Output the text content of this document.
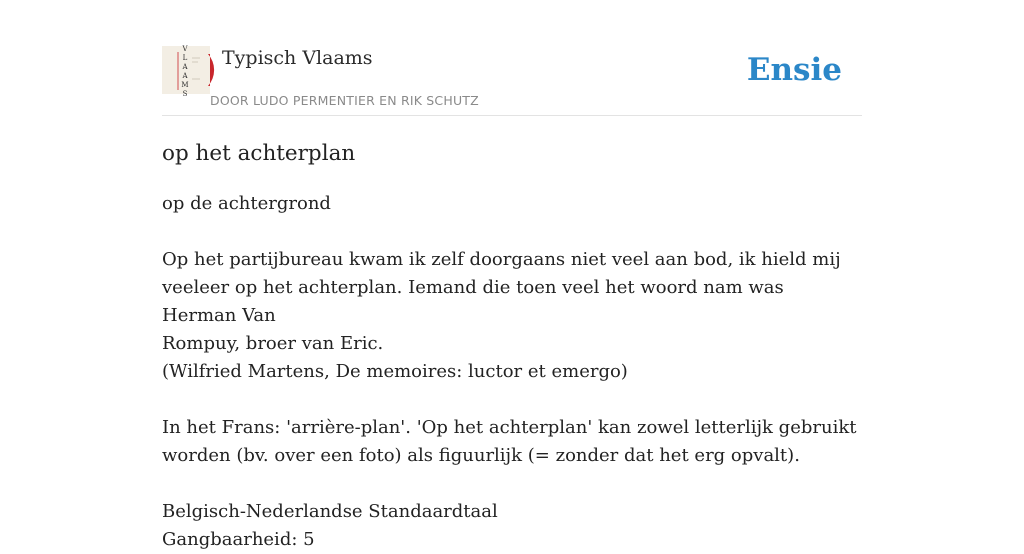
V
L
A
A
M
S
Typisch Vlaams
DOOR LUDO PERMENTIER EN RIK SCHUTZ
Ensie
op het achterplan

op de achtergrond

Op het partijbureau kwam ik zelf doorgaans niet veel aan bod, ik hield mij
veeleer op het achterplan. Iemand die toen veel het woord nam was Herman Van
Rompuy, broer van Eric.
(Wilfried Martens, De memoires: luctor et emergo)

In het Frans: 'arrière-plan'. 'Op het achterplan' kan zowel letterlijk gebruikt
worden (bv. over een foto) als figuurlijk (= zonder dat het erg opvalt).

Belgisch-Nederlandse Standaardtaal
Gangbaarheid: 5
